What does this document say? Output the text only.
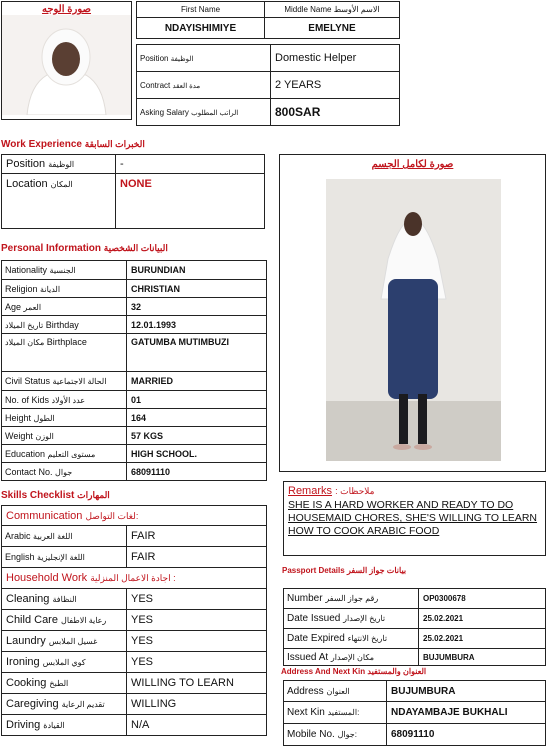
صورة الوجه	First Name	Middle Name الاسم الأوسط
NDAYISHIMIYE	EMELYNE
Position الوظيفة	Domestic Helper
Contract مدة العقد	2 YEARS
Asking Salary الراتب المطلوب	800SAR
Work Experience الخبرات السابقة
Position الوظيفة	-
Location المكان	NONE
صورة لكامل الجسم
Personal Information البيانات الشخصية
Nationality الجنسية	BURUNDIAN
Religion الديانة	CHRISTIAN
Age العمر	32
تاريخ الميلاد Birthday	12.01.1993
مكان الميلاد Birthplace	GATUMBA MUTIMBUZI
Civil Status الحالة الاجتماعية	MARRIED
No. of Kids عدد الأولاد	01
Height الطول	164
Weight الوزن	57 KGS
Education مستوى التعليم	HIGH SCHOOL.
Contact No. جوال	68091110
Skills Checklist المهارات
Communication لغات التواصل:	
Arabic اللغة العربية	FAIR
English اللغة الإنجليزية	FAIR
Household Work اجادة الاعمال المنزلية :	
Cleaning النظافة	YES
Child Care رعاية الاطفال	YES
Laundry غسيل الملابس	YES
Ironing كوي الملابس	YES
Cooking الطبخ	WILLING TO LEARN
Caregiving تقديم الرعاية	WILLING
Driving القيادة	N/A
Remarks : ملاحظات
SHE IS A HARD WORKER AND READY TO DO HOUSEMAID CHORES, SHE'S WILLING TO LEARN HOW TO COOK ARABIC FOOD
Passport Details بيانات جواز السفر
Number رقم جواز السفر	OP0300678
Date Issued تاريخ الإصدار	25.02.2021
Date Expired تاريخ الانتهاء	25.02.2021
Issued At مكان الإصدار	BUJUMBURA
Address And Next Kin العنوان والمستفيد
Address العنوان	BUJUMBURA
Next Kin المستفيد:	NDAYAMBAJE BUKHALI
Mobile No. جوال:	68091110
